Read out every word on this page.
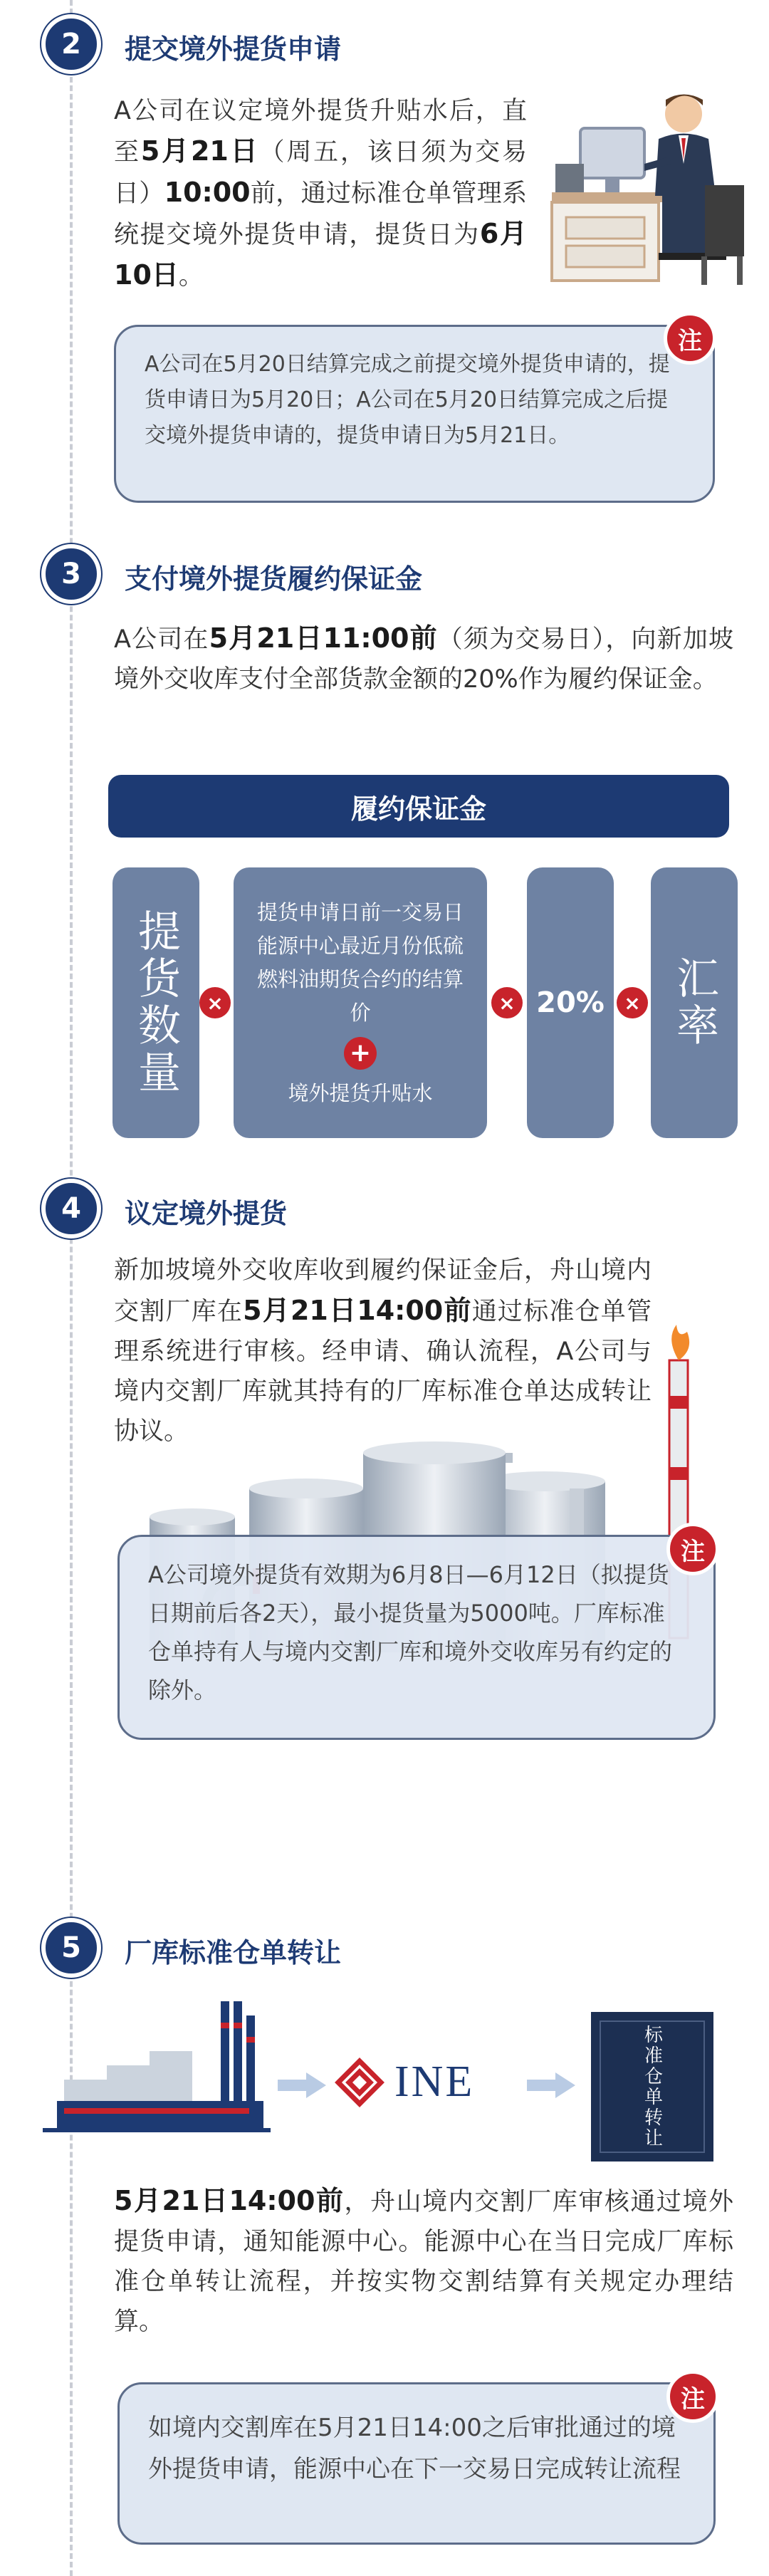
2	提交境外提货申请
A公司在议定境外提货升贴水后，直至5月21日（周五，该日须为交易日）10:00前，通过标准仓单管理系统提交境外提货申请，提货日为6月10日。
A公司在5月20日结算完成之前提交境外提货申请的，提货申请日为5月20日；A公司在5月20日结算完成之后提交境外提货申请的，提货申请日为5月21日。
注
3	支付境外提货履约保证金
A公司在5月21日11:00前（须为交易日），向新加坡境外交收库支付全部货款金额的20%作为履约保证金。
履约保证金
提货数量	×
提货申请日前一交易日能源中心最近月份低硫燃料油期货合约的结算价
+
境外提货升贴水
× 20% × 汇率
4	议定境外提货
新加坡境外交收库收到履约保证金后，舟山境内交割厂库在5月21日14:00前通过标准仓单管理系统进行审核。经申请、确认流程，A公司与境内交割厂库就其持有的厂库标准仓单达成转让协议。
A公司境外提货有效期为6月8日—6月12日（拟提货日期前后各2天），最小提货量为5000吨。厂库标准仓单持有人与境内交割厂库和境外交收库另有约定的除外。
注
5	厂库标准仓单转让
INE	标准仓单转让
5月21日14:00前，舟山境内交割厂库审核通过境外提货申请，通知能源中心。能源中心在当日完成厂库标准仓单转让流程，并按实物交割结算有关规定办理结算。
如境内交割库在5月21日14:00之后审批通过的境外提货申请，能源中心在下一交易日完成转让流程
注
